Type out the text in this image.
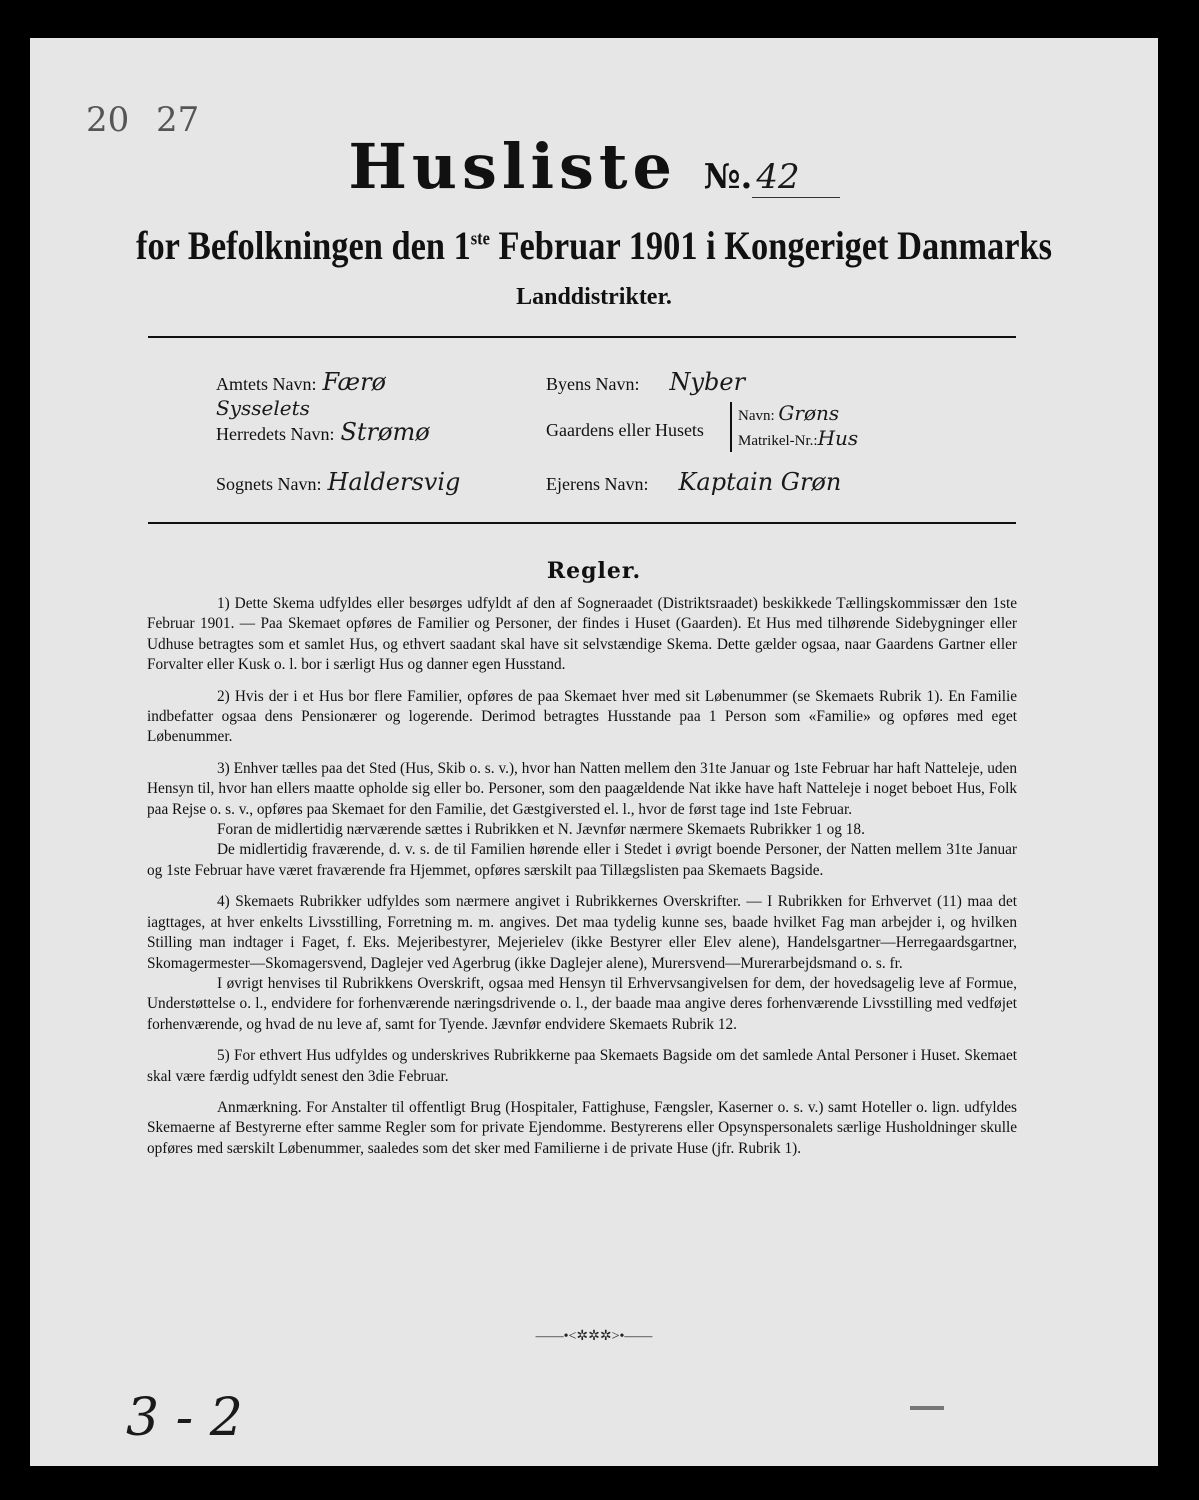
20 27
Husliste №. 42
for Befolkningen den 1ste Februar 1901 i Kongeriget Danmarks
Landdistrikter.
Amtets Navn: Færø
Sysselets
Herredets Navn: Strømø
Sognets Navn: Haldersvig
Byens Navn: Nyber
Gaardens eller Husets
Navn: Grøns
Matrikel-Nr.:Hus
Ejerens Navn: Kaptain Grøn
Regler.

1) Dette Skema udfyldes eller besørges udfyldt af den af Sogneraadet (Distriktsraadet) beskikkede Tællingskommissær den 1ste Februar 1901. — Paa Skemaet opføres de Familier og Personer, der findes i Huset (Gaarden). Et Hus med tilhørende Sidebygninger eller Udhuse betragtes som et samlet Hus, og ethvert saadant skal have sit selvstændige Skema. Dette gælder ogsaa, naar Gaardens Gartner eller Forvalter eller Kusk o. l. bor i særligt Hus og danner egen Husstand.

2) Hvis der i et Hus bor flere Familier, opføres de paa Skemaet hver med sit Løbenummer (se Skemaets Rubrik 1). En Familie indbefatter ogsaa dens Pensionærer og logerende. Derimod betragtes Husstande paa 1 Person som «Familie» og opføres med eget Løbenummer.

3) Enhver tælles paa det Sted (Hus, Skib o. s. v.), hvor han Natten mellem den 31te Januar og 1ste Februar har haft Natteleje, uden Hensyn til, hvor han ellers maatte opholde sig eller bo. Personer, som den paagældende Nat ikke have haft Natteleje i noget beboet Hus, Folk paa Rejse o. s. v., opføres paa Skemaet for den Familie, det Gæstgiversted el. l., hvor de først tage ind 1ste Februar.

Foran de midlertidig nærværende sættes i Rubrikken et N. Jævnfør nærmere Skemaets Rubrikker 1 og 18.

De midlertidig fraværende, d. v. s. de til Familien hørende eller i Stedet i øvrigt boende Personer, der Natten mellem 31te Januar og 1ste Februar have været fraværende fra Hjemmet, opføres særskilt paa Tillægslisten paa Skemaets Bagside.

4) Skemaets Rubrikker udfyldes som nærmere angivet i Rubrikkernes Overskrifter. — I Rubrikken for Erhvervet (11) maa det iagttages, at hver enkelts Livsstilling, Forretning m. m. angives. Det maa tydelig kunne ses, baade hvilket Fag man arbejder i, og hvilken Stilling man indtager i Faget, f. Eks. Mejeribestyrer, Mejerielev (ikke Bestyrer eller Elev alene), Handelsgartner—Herregaardsgartner, Skomagermester—Skomagersvend, Daglejer ved Agerbrug (ikke Daglejer alene), Murersvend—Murerarbejdsmand o. s. fr.

I øvrigt henvises til Rubrikkens Overskrift, ogsaa med Hensyn til Erhvervsangivelsen for dem, der hovedsagelig leve af Formue, Understøttelse o. l., endvidere for forhenværende næringsdrivende o. l., der baade maa angive deres forhenværende Livsstilling med vedføjet forhenværende, og hvad de nu leve af, samt for Tyende. Jævnfør endvidere Skemaets Rubrik 12.

5) For ethvert Hus udfyldes og underskrives Rubrikkerne paa Skemaets Bagside om det samlede Antal Personer i Huset. Skemaet skal være færdig udfyldt senest den 3die Februar.

Anmærkning. For Anstalter til offentligt Brug (Hospitaler, Fattighuse, Fængsler, Kaserner o. s. v.) samt Hoteller o. lign. udfyldes Skemaerne af Bestyrerne efter samme Regler som for private Ejendomme. Bestyrerens eller Opsynspersonalets særlige Husholdninger skulle opføres med særskilt Løbenummer, saaledes som det sker med Familierne i de private Huse (jfr. Rubrik 1).

——•<✲✲✲>•——
3 - 2
